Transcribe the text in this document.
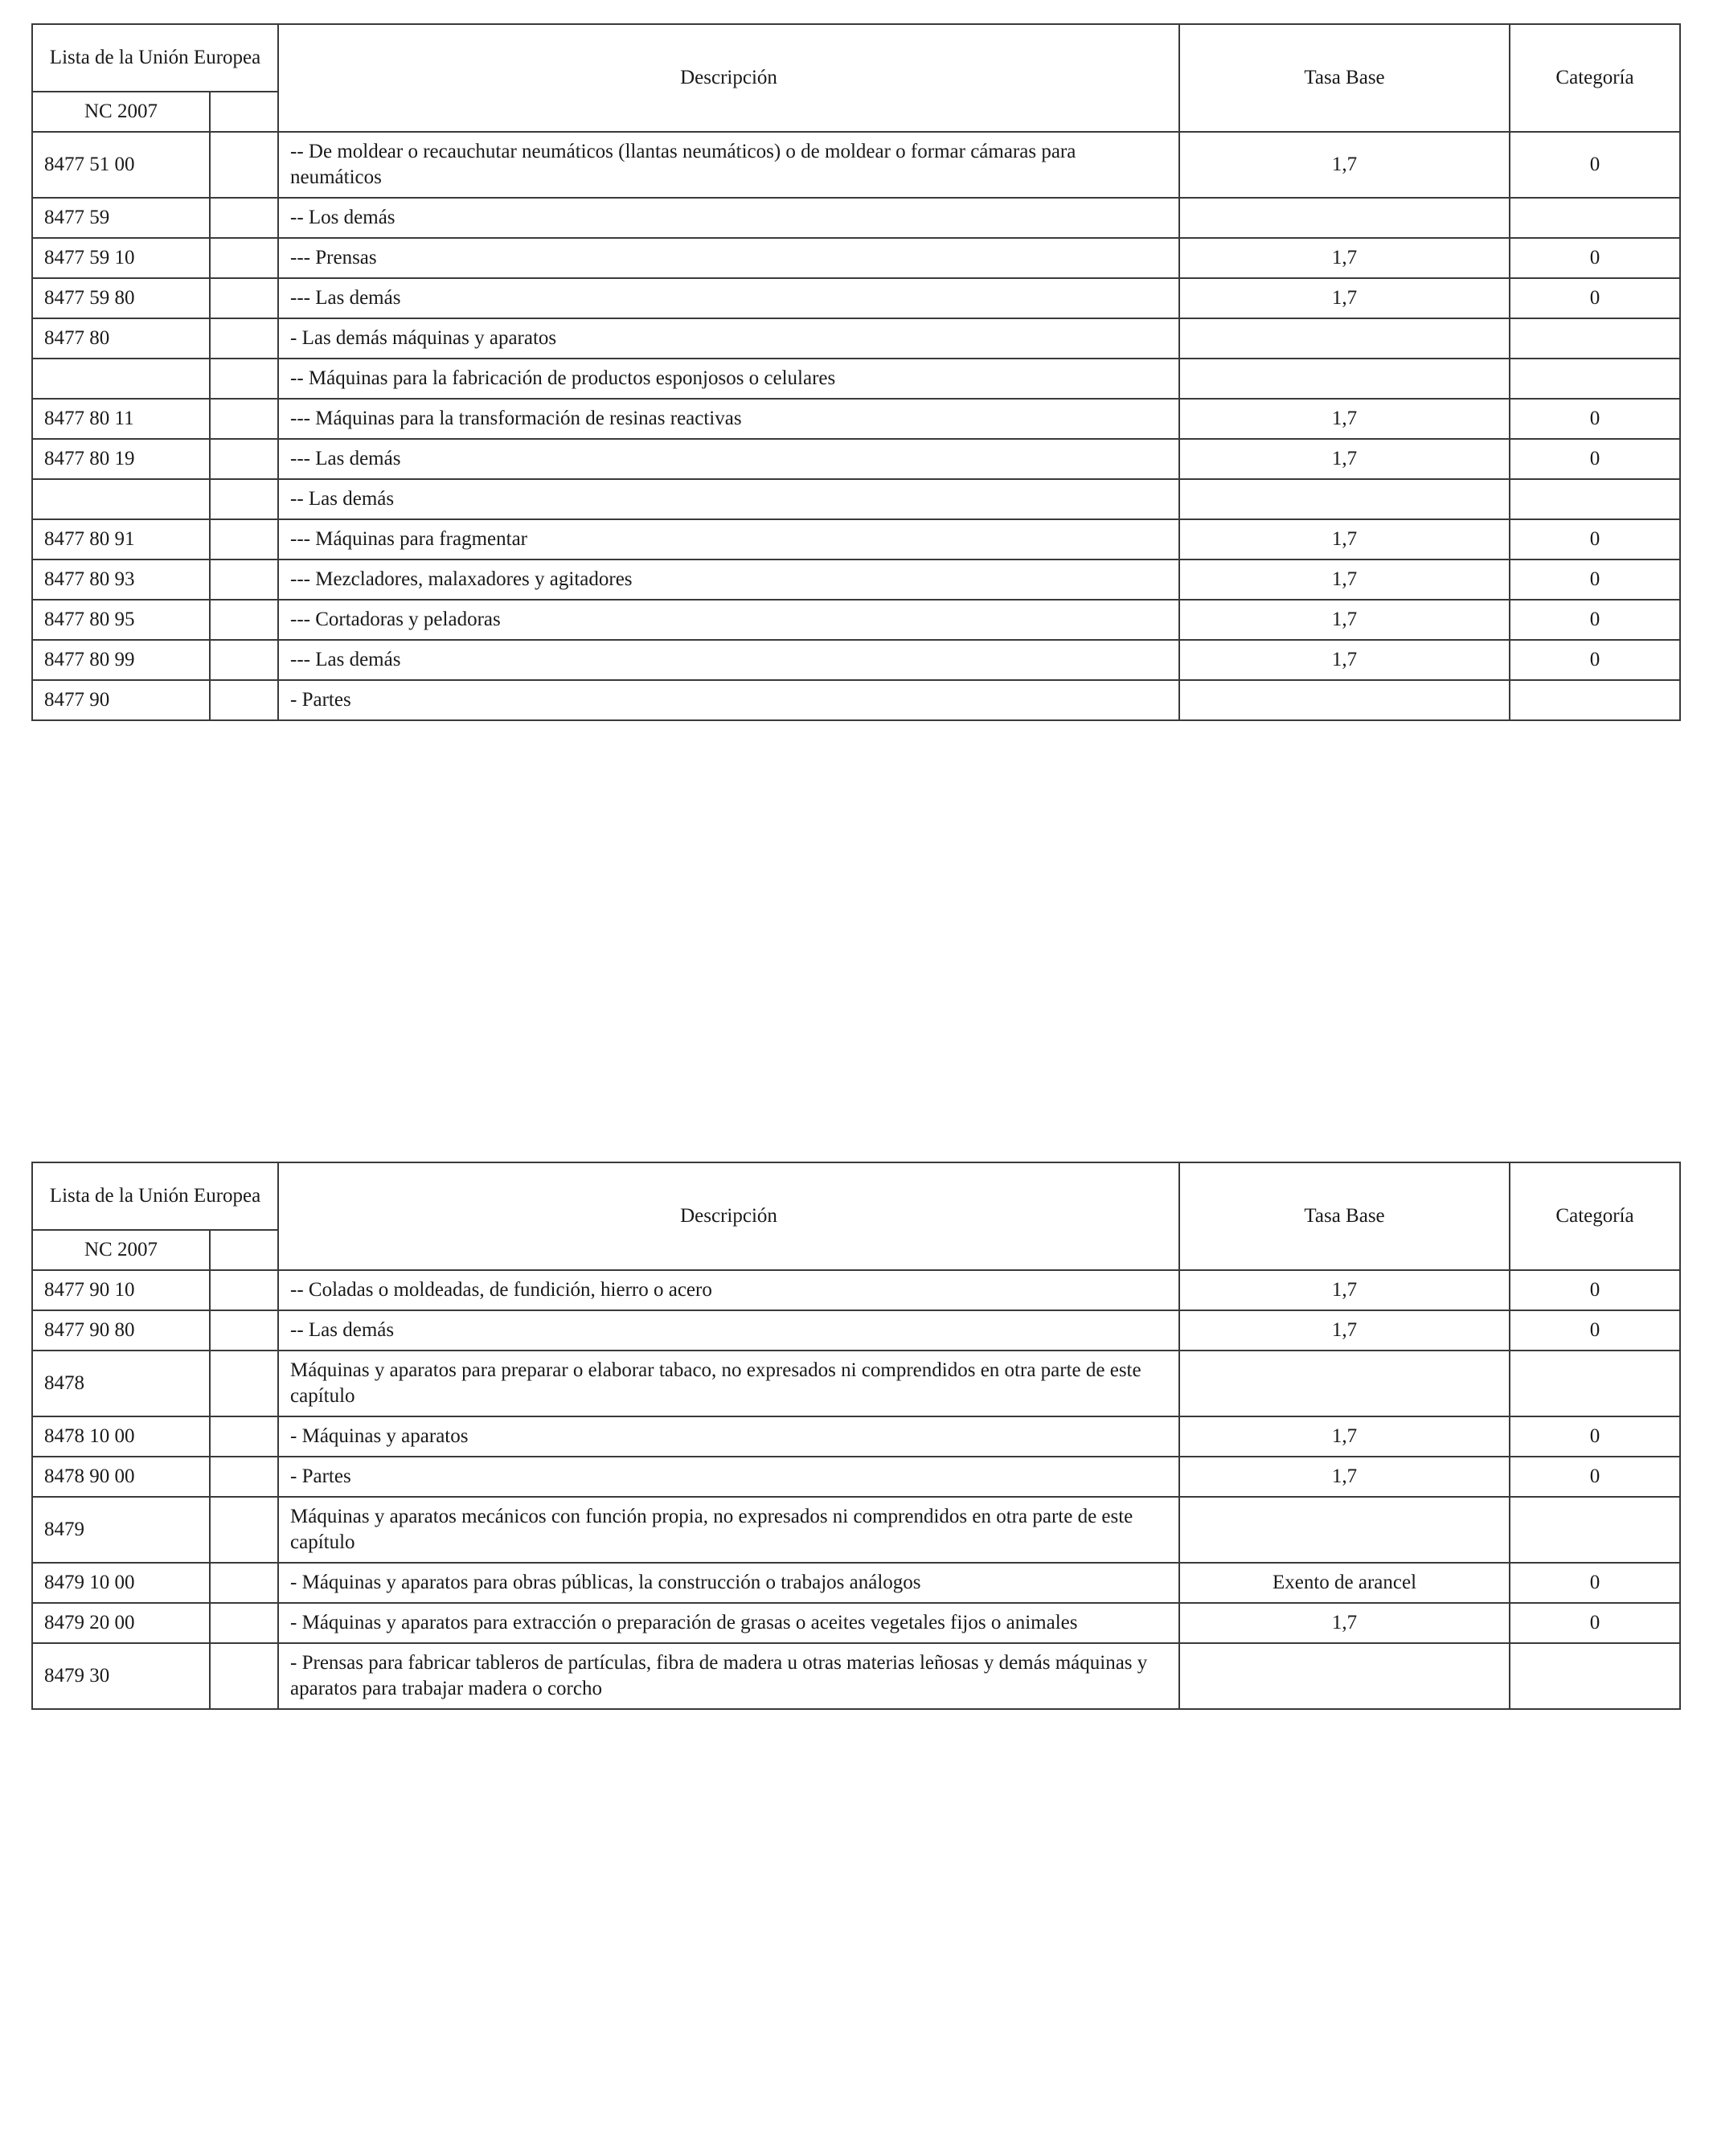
Lista de la Unión Europea		Descripción	Tasa Base	Categoría
NC 2007				
8477 51 00		-- De moldear o recauchutar neumáticos (llantas neumáticos) o de moldear o formar cámaras para neumáticos	1,7	0
8477 59		-- Los demás		
8477 59 10		--- Prensas	1,7	0
8477 59 80		--- Las demás	1,7	0
8477 80		- Las demás máquinas y aparatos		
		-- Máquinas para la fabricación de productos esponjosos o celulares		
8477 80 11		--- Máquinas para la transformación de resinas reactivas	1,7	0
8477 80 19		--- Las demás	1,7	0
		-- Las demás		
8477 80 91		--- Máquinas para fragmentar	1,7	0
8477 80 93		--- Mezcladores, malaxadores y agitadores	1,7	0
8477 80 95		--- Cortadoras y peladoras	1,7	0
8477 80 99		--- Las demás	1,7	0
8477 90		- Partes		
Lista de la Unión Europea		Descripción	Tasa Base	Categoría
NC 2007				
8477 90 10		-- Coladas o moldeadas, de fundición, hierro o acero	1,7	0
8477 90 80		-- Las demás	1,7	0
8478		Máquinas y aparatos para preparar o elaborar tabaco, no expresados ni comprendidos en otra parte de este capítulo		
8478 10 00		- Máquinas y aparatos	1,7	0
8478 90 00		- Partes	1,7	0
8479		Máquinas y aparatos mecánicos con función propia, no expresados ni comprendidos en otra parte de este capítulo		
8479 10 00		- Máquinas y aparatos para obras públicas, la construcción o trabajos análogos	Exento de arancel	0
8479 20 00		- Máquinas y aparatos para extracción o preparación de grasas o aceites vegetales fijos o animales	1,7	0
8479 30		- Prensas para fabricar tableros de partículas, fibra de madera u otras materias leñosas y demás máquinas y aparatos para trabajar madera o corcho		
